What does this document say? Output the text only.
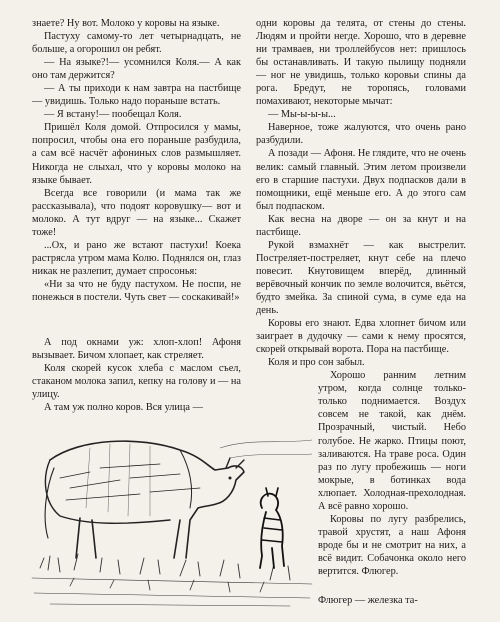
знаете? Ну вот. Молоко у коровы на языке.

Пастуху самому-то лет четырнадцать, не больше, а огорошил он ребят.

— На языке?!— усомнился Коля.— А как оно там держится?

— А ты приходи к нам завтра на пастбище — увидишь. Только надо пораньше встать.

— Я встану!— пообещал Коля.

Пришёл Коля домой. Отпросился у мамы, попросил, чтобы она его пораньше разбудила, а сам всё насчёт афониных слов размышляет. Никогда не слыхал, что у коровы молоко на языке бывает.

Всегда все говорили (и мама так же рассказывала), что подоят коровушку— вот и молоко. А тут вдруг — на языке... Скажет тоже!

...Ох, и рано же встают пастухи! Коека растрясла утром мама Колю. Поднялся он, глаз никак не разлепит, думает спросонья:

«Ни за что не буду пастухом. Не поспи, не понежься в постели. Чуть свет — соскакивай!»

А под окнами уж: хлоп-хлоп! Афоня вызывает. Бичом хлопает, как стреляет.

Коля скорей кусок хлеба с маслом съел, стаканом молока запил, кепку на голову и — на улицу.

А там уж полно коров. Вся улица —

одни коровы да телята, от стены до стены. Людям и пройти негде. Хорошо, что в деревне ни трамваев, ни троллейбусов нет: пришлось бы останавливать. И такую пылищу подняли — ног не увидишь, только коровьи спины да рога. Бредут, не торопясь, головами помахивают, некоторые мычат:

— Мы-ы-ы-ы...

Наверное, тоже жалуются, что очень рано разбудили.

А позади — Афоня. Не глядите, что не очень велик: самый главный. Этим летом произвели его в старшие пастухи. Двух подпасков дали в помощники, ещё меньше его. А до этого сам был подпаском.

Как весна на дворе — он за кнут и на пастбище.

Рукой взмахнёт — как выстрелит. Постреляет-постреляет, кнут себе на плечо повесит. Кнутовищем вперёд, длинный верёвочный кончик по земле волочится, вьётся, будто змейка. За спиной сума, в суме еда на день.

Коровы его знают. Едва хлопнет бичом или заиграет в дудочку — сами к нему просятся, скорей открывай ворота. Пора на пастбище.

Коля и про сон забыл.

Хорошо ранним летним утром, когда солнце только-только поднимается. Воздух совсем не такой, как днём. Прозрачный, чистый. Небо голубое. Не жарко. Птицы поют, заливаются. На траве роса. Один раз по лугу пробежишь — ноги мокрые, в ботинках вода хлюпает. Холодная-прехолодная. А всё равно хорошо.

Коровы по лугу разбрелись, травой хрустят, а наш Афоня вроде бы и не смотрит на них, а всё видит. Собачонка около него вертится. Флюгер.

Флюгер — железка та-
